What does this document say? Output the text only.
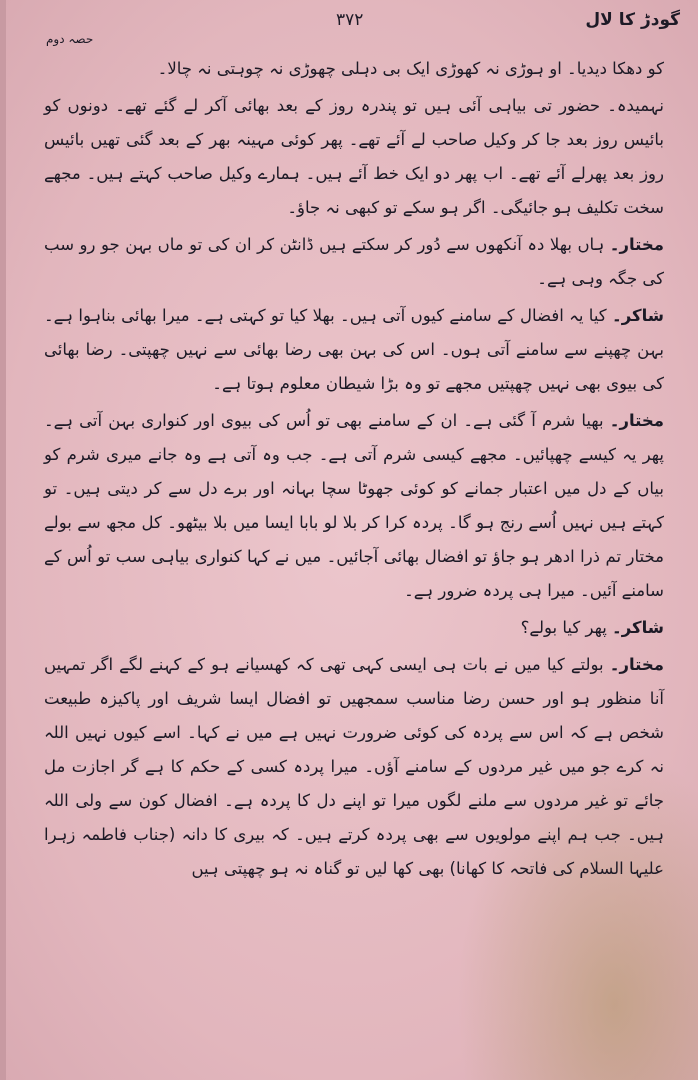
گودڑ کا لال
۳۷۲
حصہ دوم

کو دھکا دیدیا۔ او ہوڑی نہ کھوڑی ایک بی دہلی چھوڑی نہ چوہتی نہ چالا۔

نہمیدہ۔ حضور تی بیاہی آئی ہیں تو پندرہ روز کے بعد بھائی آکر لے گئے تھے۔ دونوں کو بائیس روز بعد جا کر وکیل صاحب لے آئے تھے۔ پھر کوئی مہینہ بھر کے بعد گئی تھیں بائیس روز بعد پھرلے آئے تھے۔ اب پھر دو ایک خط آئے ہیں۔ ہمارے وکیل صاحب کہتے ہیں۔ مجھے سخت تکلیف ہو جائیگی۔ اگر ہو سکے تو کبھی نہ جاؤ۔

مختار۔ ہاں بھلا دہ آنکھوں سے دُور کر سکتے ہیں ڈانٹن کر ان کی تو ماں بہن جو رو سب کی جگہ وہی ہے۔

شاکر۔ کیا یہ افضال کے سامنے کیوں آتی ہیں۔ بھلا کیا تو کہتی ہے۔ میرا بھائی بناہوا ہے۔ بہن چھپنے سے سامنے آتی ہوں۔ اس کی بہن بھی رضا بھائی سے نہیں چھپتی۔ رضا بھائی کی بیوی بھی نہیں چھپتیں مجھے تو وہ بڑا شیطان معلوم ہوتا ہے۔

مختار۔ بھیا شرم آ گئی ہے۔ ان کے سامنے بھی تو اُس کی بیوی اور کنواری بہن آتی ہے۔ پھر یہ کیسے چھپائیں۔ مجھے کیسی شرم آتی ہے۔ جب وہ آتی ہے وہ جانے میری شرم کو بیاں کے دل میں اعتبار جمانے کو کوئی جھوٹا سچا بہانہ اور برے دل سے کر دیتی ہیں۔ تو کہتے ہیں نہیں اُسے رنج ہو گا۔ پردہ کرا کر بلا لو بابا ایسا میں بلا بیٹھو۔ کل مجھ سے بولے مختار تم ذرا ادھر ہو جاؤ تو افضال بھائی آجائیں۔ میں نے کہا کنواری بیاہی سب تو اُس کے سامنے آئیں۔ میرا ہی پردہ ضرور ہے۔

شاکر۔ پھر کیا بولے؟

مختار۔ بولتے کیا میں نے بات ہی ایسی کہی تھی کہ کھسیانے ہو کے کہنے لگے اگر تمہیں آنا منظور ہو اور حسن رضا مناسب سمجھیں تو افضال ایسا شریف اور پاکیزہ طبیعت شخص ہے کہ اس سے پردہ کی کوئی ضرورت نہیں ہے میں نے کہا۔ اسے کیوں نہیں اللہ نہ کرے جو میں غیر مردوں کے سامنے آؤں۔ میرا پردہ کسی کے حکم کا ہے گر اجازت مل جائے تو غیر مردوں سے ملنے لگوں میرا تو اپنے دل کا پردہ ہے۔ افضال کون سے ولی اللہ ہیں۔ جب ہم اپنے مولویوں سے بھی پردہ کرتے ہیں۔ کہ بیری کا دانہ (جناب فاطمہ زہرا علیہا السلام کی فاتحہ کا کھانا) بھی کھا لیں تو گناہ نہ ہو چھپتی ہیں
